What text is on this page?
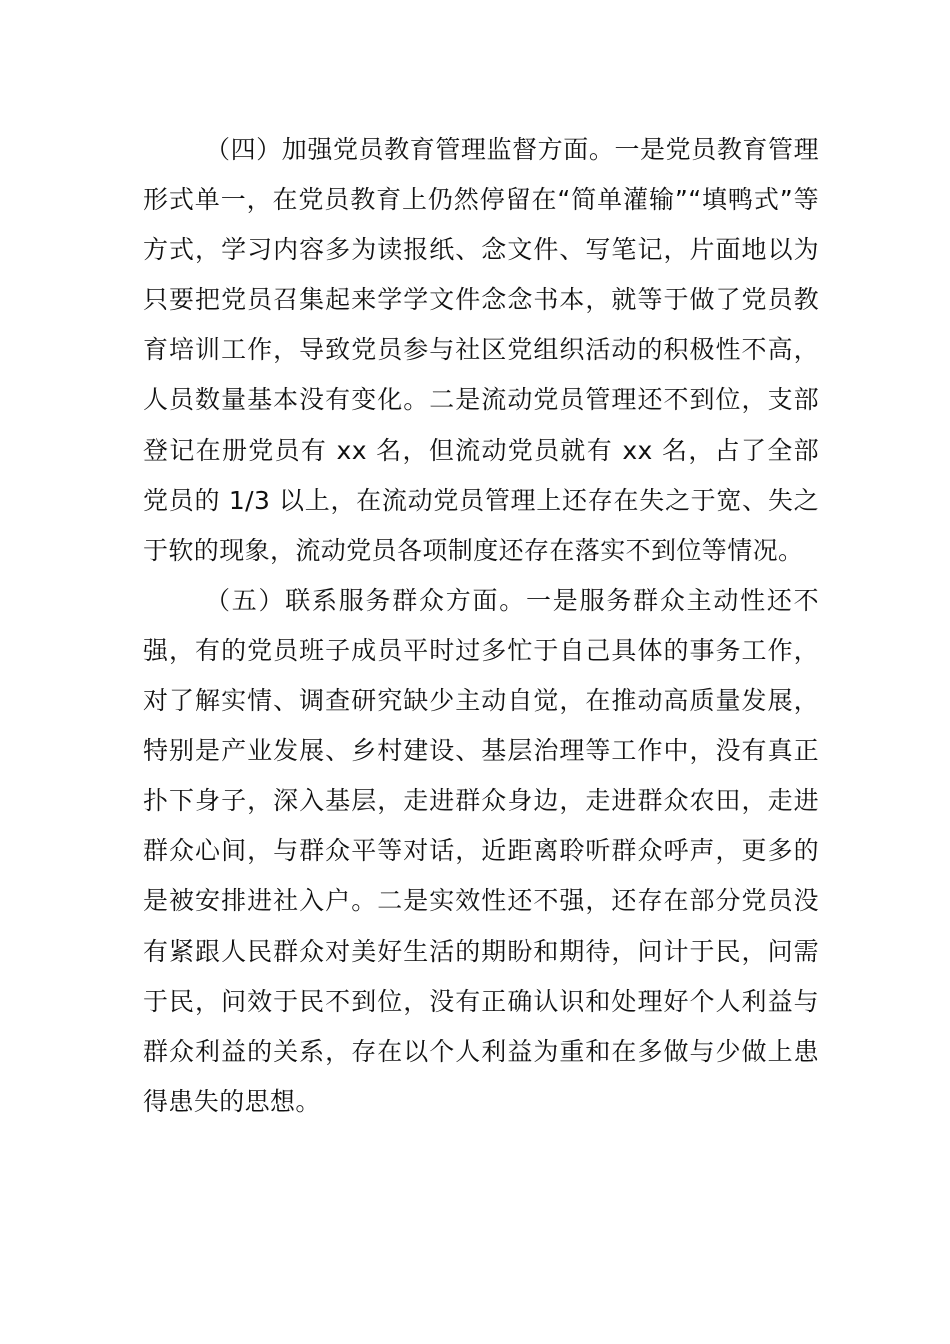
（四）加强党员教育管理监督方面。一是党员教育管理形式单一，在党员教育上仍然停留在“简单灌输”“填鸭式”等方式，学习内容多为读报纸、念文件、写笔记，片面地以为只要把党员召集起来学学文件念念书本，就等于做了党员教育培训工作，导致党员参与社区党组织活动的积极性不高，人员数量基本没有变化。二是流动党员管理还不到位，支部登记在册党员有 xx 名，但流动党员就有 xx 名，占了全部党员的 1/3 以上，在流动党员管理上还存在失之于宽、失之于软的现象，流动党员各项制度还存在落实不到位等情况。

（五）联系服务群众方面。一是服务群众主动性还不强，有的党员班子成员平时过多忙于自己具体的事务工作，对了解实情、调查研究缺少主动自觉，在推动高质量发展，特别是产业发展、乡村建设、基层治理等工作中，没有真正扑下身子，深入基层，走进群众身边，走进群众农田，走进群众心间，与群众平等对话，近距离聆听群众呼声，更多的是被安排进社入户。二是实效性还不强，还存在部分党员没有紧跟人民群众对美好生活的期盼和期待，问计于民，问需于民，问效于民不到位，没有正确认识和处理好个人利益与群众利益的关系，存在以个人利益为重和在多做与少做上患得患失的思想。
